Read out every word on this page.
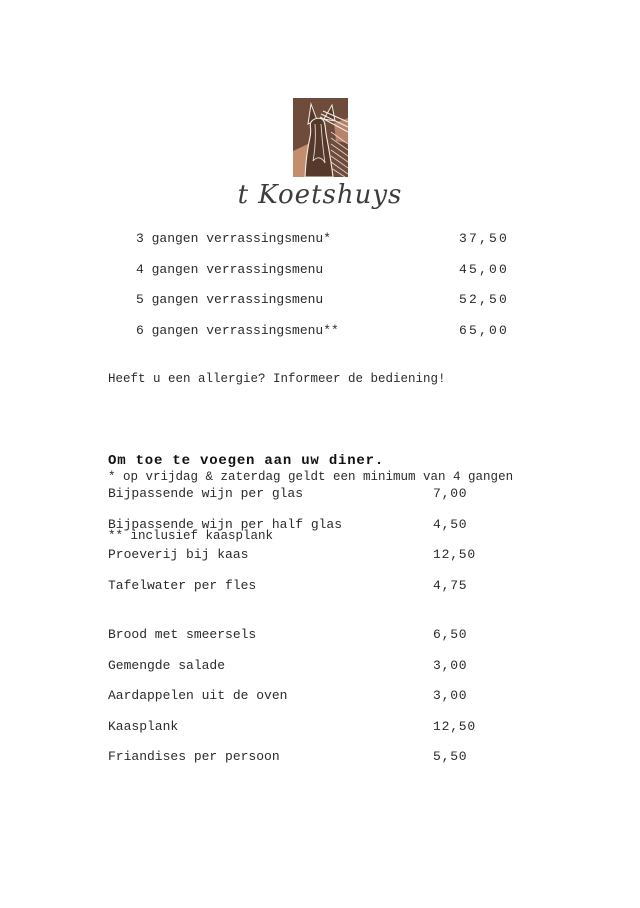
t Koetshuys
3 gangen verrassingsmenu*	37,50
4 gangen verrassingsmenu	45,00
5 gangen verrassingsmenu	52,50
6 gangen verrassingsmenu**	65,00
Heeft u een allergie? Informeer de bediening!

* op vrijdag & zaterdag geldt een minimum van 4 gangen

** inclusief kaasplank

Om toe te voegen aan uw diner.
Bijpassende wijn per glas	7,00
Bijpassende wijn per half glas	4,50
Proeverij bij kaas	12,50
Tafelwater per fles	4,75
Brood met smeersels	6,50
Gemengde salade	3,00
Aardappelen uit de oven	3,00
Kaasplank	12,50
Friandises per persoon	5,50
